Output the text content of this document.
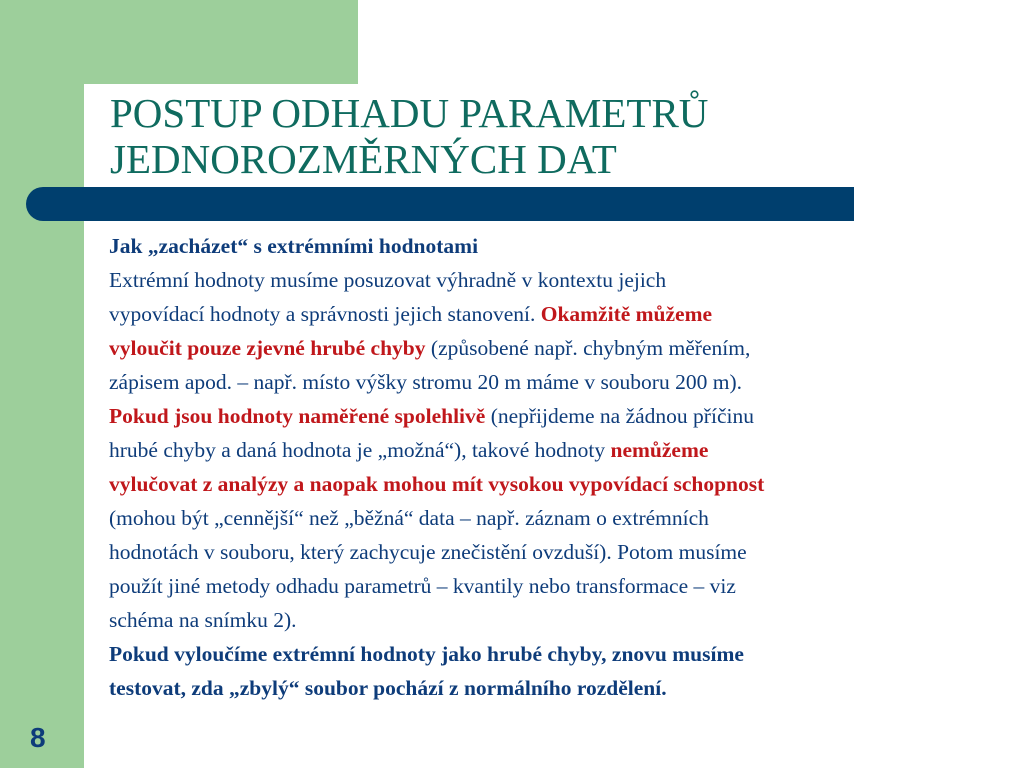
POSTUP ODHADU PARAMETRŮ
JEDNOROZMĚRNÝCH DAT
Jak „zacházet“ s extrémními hodnotami
Extrémní hodnoty musíme posuzovat výhradně v kontextu jejich
vypovídací hodnoty a správnosti jejich stanovení. Okamžitě můžeme
vyloučit pouze zjevné hrubé chyby (způsobené např. chybným měřením,
zápisem apod. – např. místo výšky stromu 20 m máme v souboru 200 m).
Pokud jsou hodnoty naměřené spolehlivě (nepřijdeme na žádnou příčinu
hrubé chyby a daná hodnota je „možná“), takové hodnoty nemůžeme
vylučovat z analýzy a naopak mohou mít vysokou vypovídací schopnost
(mohou být „cennější“ než „běžná“ data – např. záznam o extrémních
hodnotách v souboru, který zachycuje znečistění ovzduší). Potom musíme
použít jiné metody odhadu parametrů – kvantily nebo transformace – viz
schéma na snímku 2).
Pokud vyloučíme extrémní hodnoty jako hrubé chyby, znovu musíme
testovat, zda „zbylý“ soubor pochází z normálního rozdělení.
8
